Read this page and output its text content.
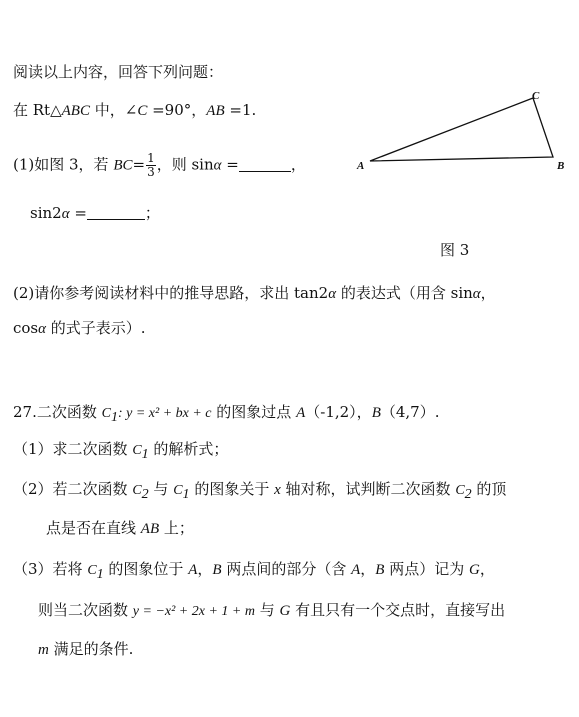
阅读以上内容，回答下列问题：
在 Rt△ABC 中，∠C =90°，AB =1.
(1)如图 3，若 $BC= \frac{1}{3}$ ，则 sinα =	，
sin2α =	；
A	B
C
图 3
(2)请你参考阅读材料中的推导思路，求出 tan2α 的表达式（用含 sinα，
cosα 的式子表示）.
27.二次函数 $C_1$: y = x² + bx + c 的图象过点 A（-1,2），B（4,7）.
（1）求二次函数 $C_1$ 的解析式；
（2）若二次函数 $C_2$ 与 $C_1$ 的图象关于 x 轴对称，试判断二次函数 $C_2$ 的顶
点是否在直线 AB 上；
（3）若将 $C_1$ 的图象位于 A，B 两点间的部分（含 A，B 两点）记为 G，
则当二次函数 y = −x² + 2x + 1 + m 与 G 有且只有一个交点时，直接写出
m 满足的条件.
